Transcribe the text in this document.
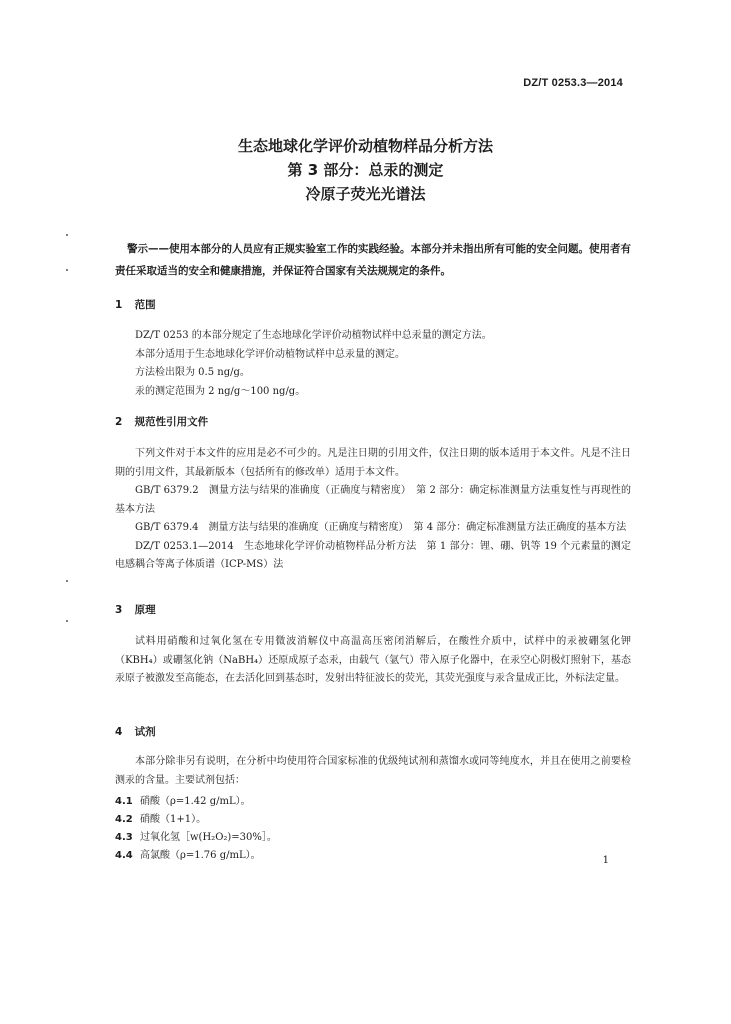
DZ/T 0253.3—2014
生态地球化学评价动植物样品分析方法
第 3 部分：总汞的测定
冷原子荧光光谱法
警示——使用本部分的人员应有正规实验室工作的实践经验。本部分并未指出所有可能的安全问题。使用者有责任采取适当的安全和健康措施，并保证符合国家有关法规规定的条件。
1 范围

DZ/T 0253 的本部分规定了生态地球化学评价动植物试样中总汞量的测定方法。

本部分适用于生态地球化学评价动植物试样中总汞量的测定。

方法检出限为 0.5 ng/g。

汞的测定范围为 2 ng/g～100 ng/g。

2 规范性引用文件

下列文件对于本文件的应用是必不可少的。凡是注日期的引用文件，仅注日期的版本适用于本文件。凡是不注日期的引用文件，其最新版本（包括所有的修改单）适用于本文件。

GB/T 6379.2　测量方法与结果的准确度（正确度与精密度）　第 2 部分：确定标准测量方法重复性与再现性的基本方法

GB/T 6379.4　测量方法与结果的准确度（正确度与精密度）　第 4 部分：确定标准测量方法正确度的基本方法

DZ/T 0253.1—2014　生态地球化学评价动植物样品分析方法　第 1 部分：锂、硼、钒等 19 个元素量的测定　电感耦合等离子体质谱（ICP-MS）法

3 原理

试料用硝酸和过氧化氢在专用微波消解仪中高温高压密闭消解后，在酸性介质中，试样中的汞被硼氢化钾（KBH₄）或硼氢化钠（NaBH₄）还原成原子态汞，由载气（氩气）带入原子化器中，在汞空心阴极灯照射下，基态汞原子被激发至高能态，在去活化回到基态时，发射出特征波长的荧光，其荧光强度与汞含量成正比，外标法定量。

4 试剂

本部分除非另有说明，在分析中均使用符合国家标准的优级纯试剂和蒸馏水或同等纯度水，并且在使用之前要检测汞的含量。主要试剂包括：

4.1 硝酸（ρ=1.42 g/mL）。
4.2 硝酸（1+1）。
4.3 过氧化氢［w(H₂O₂)=30%］。
4.4 高氯酸（ρ=1.76 g/mL）。	1
